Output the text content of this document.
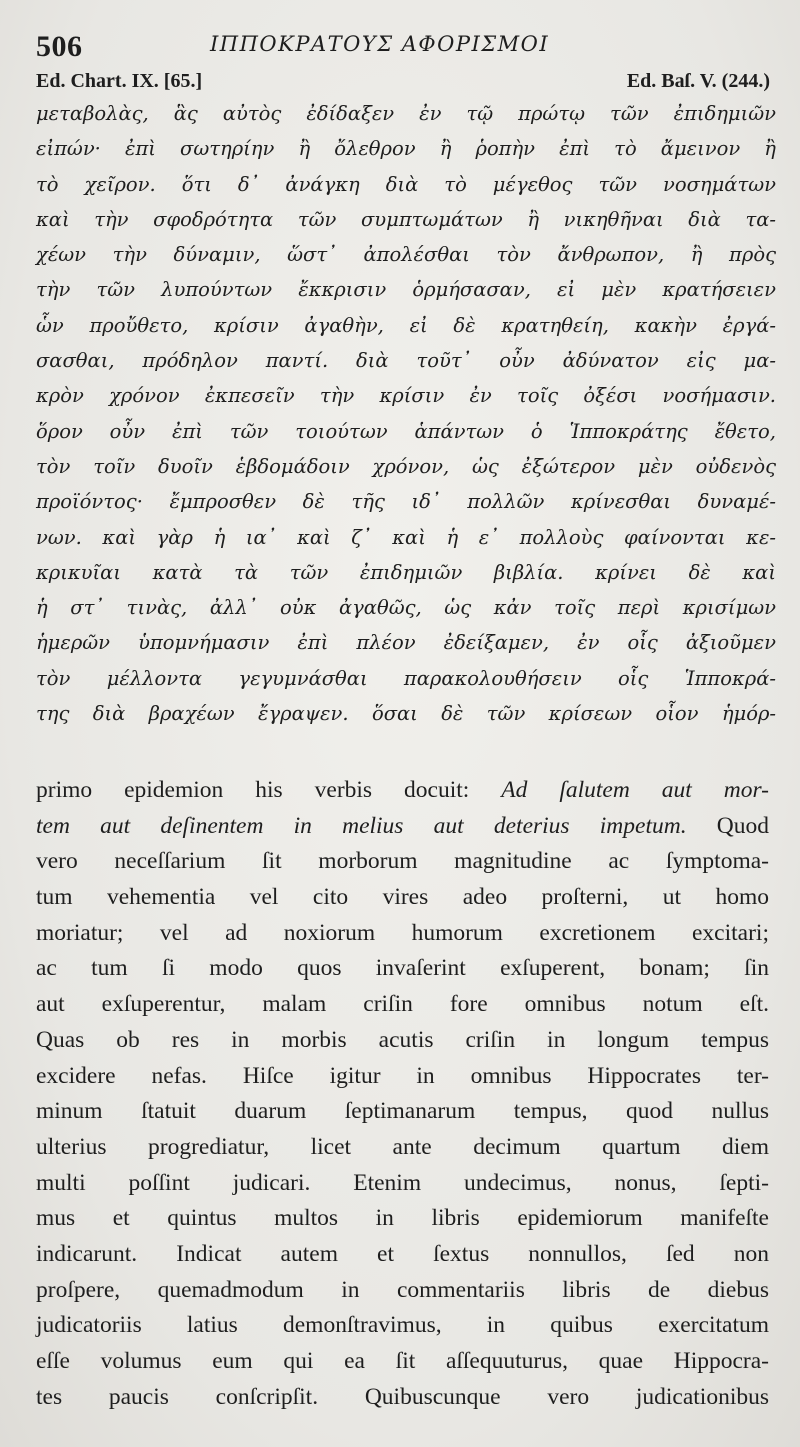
506	ΙΠΠΟΚΡΑΤΟΥΣ ΑΦΟΡΙΣΜΟΙ
Ed. Chart. IX. [65.]	Ed. Baſ. V. (244.)
μεταβολὰς, ἃς αὐτὸς ἐδίδαξεν ἐν τῷ πρώτῳ τῶν ἐπιδημιῶν
εἰπών· ἐπὶ σωτηρίην ἢ ὄλεθρον ἢ ῥοπὴν ἐπὶ τὸ ἄμεινον ἢ
τὸ χεῖρον. ὅτι δ᾽ ἀνάγκη διὰ τὸ μέγεθος τῶν νοσημάτων
καὶ τὴν σφοδρότητα τῶν συμπτωμάτων ἢ νικηθῆναι διὰ τα-
χέων τὴν δύναμιν, ὥστ᾽ ἀπολέσθαι τὸν ἄνθρωπον, ἢ πρὸς
τὴν τῶν λυπούντων ἔκκρισιν ὁρμήσασαν, εἰ μὲν κρατήσειεν
ὧν προὔθετο, κρίσιν ἀγαθὴν, εἰ δὲ κρατηθείη, κακὴν ἐργά-
σασθαι, πρόδηλον παντί. διὰ τοῦτ᾽ οὖν ἀδύνατον εἰς μα-
κρὸν χρόνον ἐκπεσεῖν τὴν κρίσιν ἐν τοῖς ὀξέσι νοσήμασιν.
ὅρον οὖν ἐπὶ τῶν τοιούτων ἁπάντων ὁ Ἱπποκράτης ἔθετο,
τὸν τοῖν δυοῖν ἑβδομάδοιν χρόνον, ὡς ἐξώτερον μὲν οὐδενὸς
προϊόντος· ἔμπροσθεν δὲ τῆς ιδ᾽ πολλῶν κρίνεσθαι δυναμέ-
νων. καὶ γὰρ ἡ ια᾽ καὶ ζ᾽ καὶ ἡ ε᾽ πολλοὺς φαίνονται κε-
κρικυῖαι κατὰ τὰ τῶν ἐπιδημιῶν βιβλία. κρίνει δὲ καὶ
ἡ στ᾽ τινὰς, ἀλλ᾽ οὐκ ἀγαθῶς, ὡς κἀν τοῖς περὶ κρισίμων
ἡμερῶν ὑπομνήμασιν ἐπὶ πλέον ἐδείξαμεν, ἐν οἷς ἀξιοῦμεν
τὸν μέλλοντα γεγυμνάσθαι παρακολουθήσειν οἷς Ἱπποκρά-
της διὰ βραχέων ἔγραψεν. ὅσαι δὲ τῶν κρίσεων οἷον ἡμόρ-
primo epidemion his verbis docuit: Ad ſalutem aut mor-
tem aut deſinentem in melius aut deterius impetum. Quod
vero neceſſarium ſit morborum magnitudine ac ſymptoma-
tum vehementia vel cito vires adeo proſterni, ut homo
moriatur; vel ad noxiorum humorum excretionem excitari;
ac tum ſi modo quos invaſerint exſuperent, bonam; ſin
aut exſuperentur, malam criſin fore omnibus notum eſt.
Quas ob res in morbis acutis criſin in longum tempus
excidere nefas. Hiſce igitur in omnibus Hippocrates ter-
minum ſtatuit duarum ſeptimanarum tempus, quod nullus
ulterius progrediatur, licet ante decimum quartum diem
multi poſſint judicari. Etenim undecimus, nonus, ſepti-
mus et quintus multos in libris epidemiorum manifeſte
indicarunt. Indicat autem et ſextus nonnullos, ſed non
proſpere, quemadmodum in commentariis libris de diebus
judicatoriis latius demonſtravimus, in quibus exercitatum
eſſe volumus eum qui ea ſit aſſequuturus, quae Hippocra-
tes paucis conſcripſit. Quibuscunque vero judicationibus
